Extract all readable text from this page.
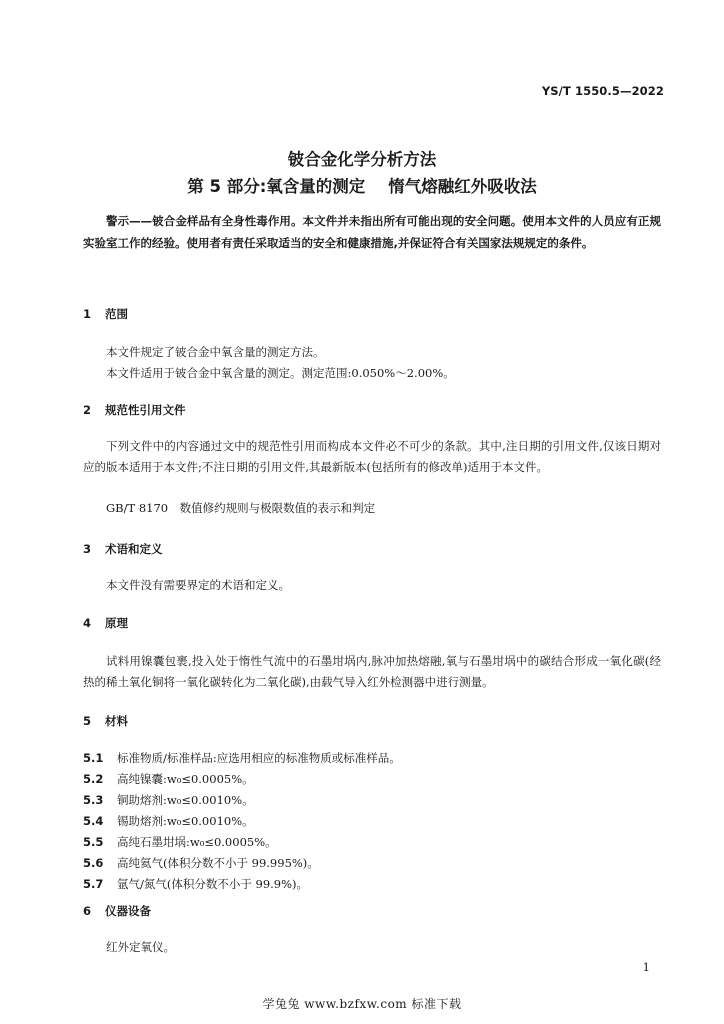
YS/T 1550.5—2022
铍合金化学分析方法
第 5 部分:氧含量的测定    惰气熔融红外吸收法
警示——铍合金样品有全身性毒作用。本文件并未指出所有可能出现的安全问题。使用本文件的人员应有正规实验室工作的经验。使用者有责任采取适当的安全和健康措施,并保证符合有关国家法规规定的条件。
1 范围

本文件规定了铍合金中氧含量的测定方法。

本文件适用于铍合金中氧含量的测定。测定范围:0.050%～2.00%。

2 规范性引用文件

下列文件中的内容通过文中的规范性引用而构成本文件必不可少的条款。其中,注日期的引用文件,仅该日期对应的版本适用于本文件;不注日期的引用文件,其最新版本(包括所有的修改单)适用于本文件。

GB/T 8170　数值修约规则与极限数值的表示和判定
3 术语和定义

本文件没有需要界定的术语和定义。

4 原理

试料用镍囊包裹,投入处于惰性气流中的石墨坩埚内,脉冲加热熔融,氧与石墨坩埚中的碳结合形成一氧化碳(经热的稀土氧化铜将一氧化碳转化为二氧化碳),由载气导入红外检测器中进行测量。

5 材料
5.1 标准物质/标准样品:应选用相应的标准物质或标准样品。
5.2 高纯镍囊:w₀≤0.0005%。
5.3 铜助熔剂:w₀≤0.0010%。
5.4 锡助熔剂:w₀≤0.0010%。
5.5 高纯石墨坩埚:w₀≤0.0005%。
5.6 高纯氦气(体积分数不小于 99.995%)。
5.7 氩气/氮气(体积分数不小于 99.9%)。
6 仪器设备

红外定氧仪。

1
学兔兔 www.bzfxw.com 标准下载
